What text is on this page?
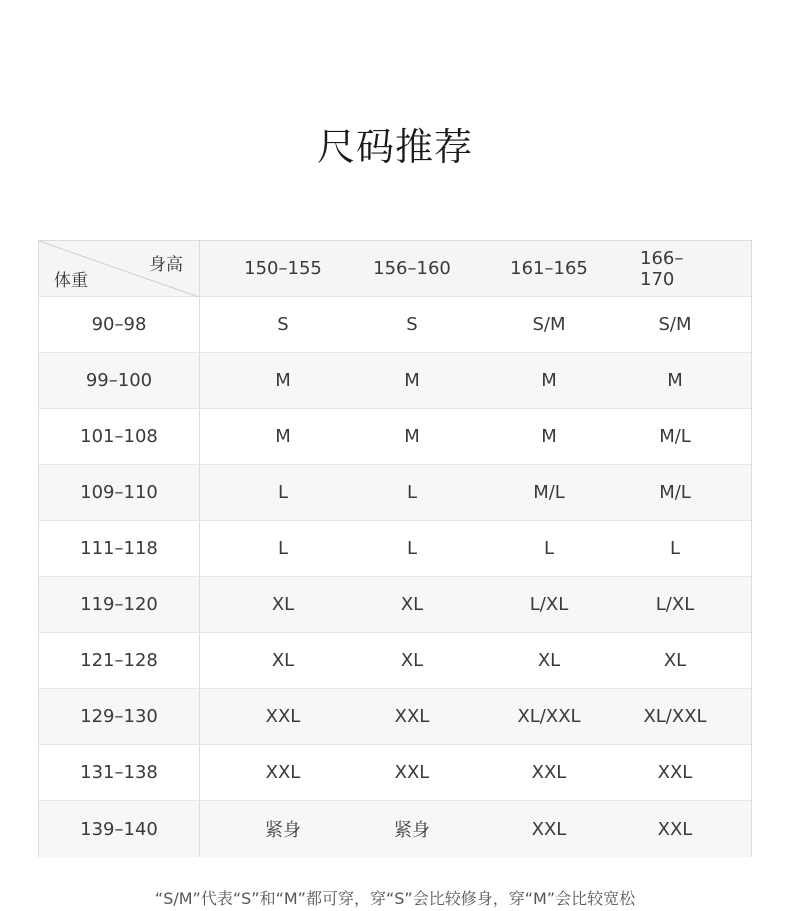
尺码推荐
身高
体重
150–155	156–160	161–165	166–170
90–98	S	S	S/M	S/M
99–100	M	M	M	M
101–108	M	M	M	M/L
109–110	L	L	M/L	M/L
111–118	L	L	L	L
119–120	XL	XL	L/XL	L/XL
121–128	XL	XL	XL	XL
129–130	XXL	XXL	XL/XXL	XL/XXL
131–138	XXL	XXL	XXL	XXL
139–140	紧身	紧身	XXL	XXL
“S/M”代表“S”和“M”都可穿，穿“S”会比较修身，穿“M”会比较宽松
